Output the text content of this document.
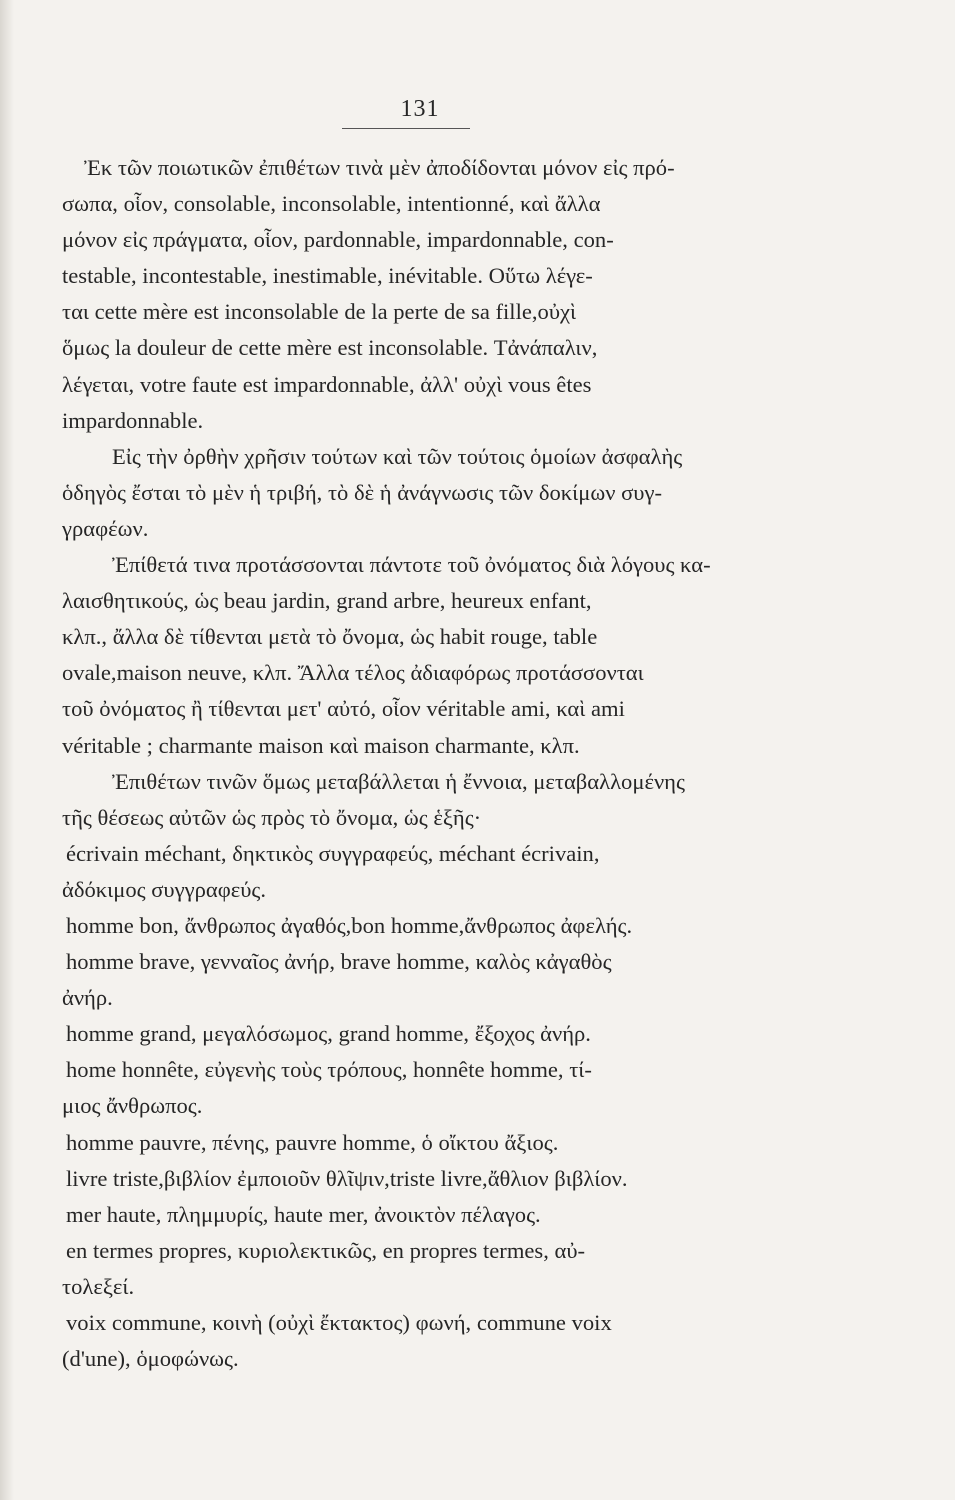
131
Ἐκ τῶν ποιωτικῶν ἐπιθέτων τινὰ μὲν ἀποδίδονται μόνον εἰς πρό-
σωπα, οἷον, consolable, inconsolable, intentionné, καὶ ἄλλα
μόνον εἰς πράγματα, οἷον, pardonnable, impardonnable, con-
testable, incontestable, inestimable, inévitable. Οὕτω λέγε-
ται cette mère est inconsolable de la perte de sa fille,οὐχὶ
ὅμως la douleur de cette mère est inconsolable. Τἀνάπαλιν,
λέγεται, votre faute est impardonnable, ἀλλ' οὐχὶ vous êtes
impardonnable.
Εἰς τὴν ὀρθὴν χρῆσιν τούτων καὶ τῶν τούτοις ὁμοίων ἀσφαλὴς
ὁδηγὸς ἔσται τὸ μὲν ἡ τριβή, τὸ δὲ ἡ ἀνάγνωσις τῶν δοκίμων συγ-
γραφέων.
Ἐπίθετά τινα προτάσσονται πάντοτε τοῦ ὀνόματος διὰ λόγους κα-
λαισθητικούς, ὡς beau jardin, grand arbre, heureux enfant,
κλπ., ἄλλα δὲ τίθενται μετὰ τὸ ὄνομα, ὡς habit rouge, table
ovale,maison neuve, κλπ. Ἄλλα τέλος ἀδιαφόρως προτάσσονται
τοῦ ὀνόματος ἢ τίθενται μετ' αὐτό, οἷον véritable ami, καὶ ami
véritable ; charmante maison καὶ maison charmante, κλπ.
Ἐπιθέτων τινῶν ὅμως μεταβάλλεται ἡ ἔννοια, μεταβαλλομένης
τῆς θέσεως αὐτῶν ὡς πρὸς τὸ ὄνομα, ὡς ἑξῆς·
écrivain méchant, δηκτικὸς συγγραφεύς, méchant écrivain,
ἀδόκιμος συγγραφεύς.
homme bon, ἄνθρωπος ἀγαθός,bon homme,ἄνθρωπος ἀφελής.
homme brave, γενναῖος ἀνήρ, brave homme, καλὸς κἀγαθὸς
ἀνήρ.
homme grand, μεγαλόσωμος, grand homme, ἔξοχος ἀνήρ.
home honnête, εὐγενὴς τοὺς τρόπους, honnête homme, τί-
μιος ἄνθρωπος.
homme pauvre, πένης, pauvre homme, ὁ οἴκτου ἄξιος.
livre triste,βιβλίον ἐμποιοῦν θλῖψιν,triste livre,ἄθλιον βιβλίον.
mer haute, πλημμυρίς, haute mer, ἀνοικτὸν πέλαγος.
en termes propres, κυριολεκτικῶς, en propres termes, αὐ-
τολεξεί.
voix commune, κοινὴ (οὐχὶ ἔκτακτος) φωνή, commune voix
(d'une), ὁμοφώνως.
